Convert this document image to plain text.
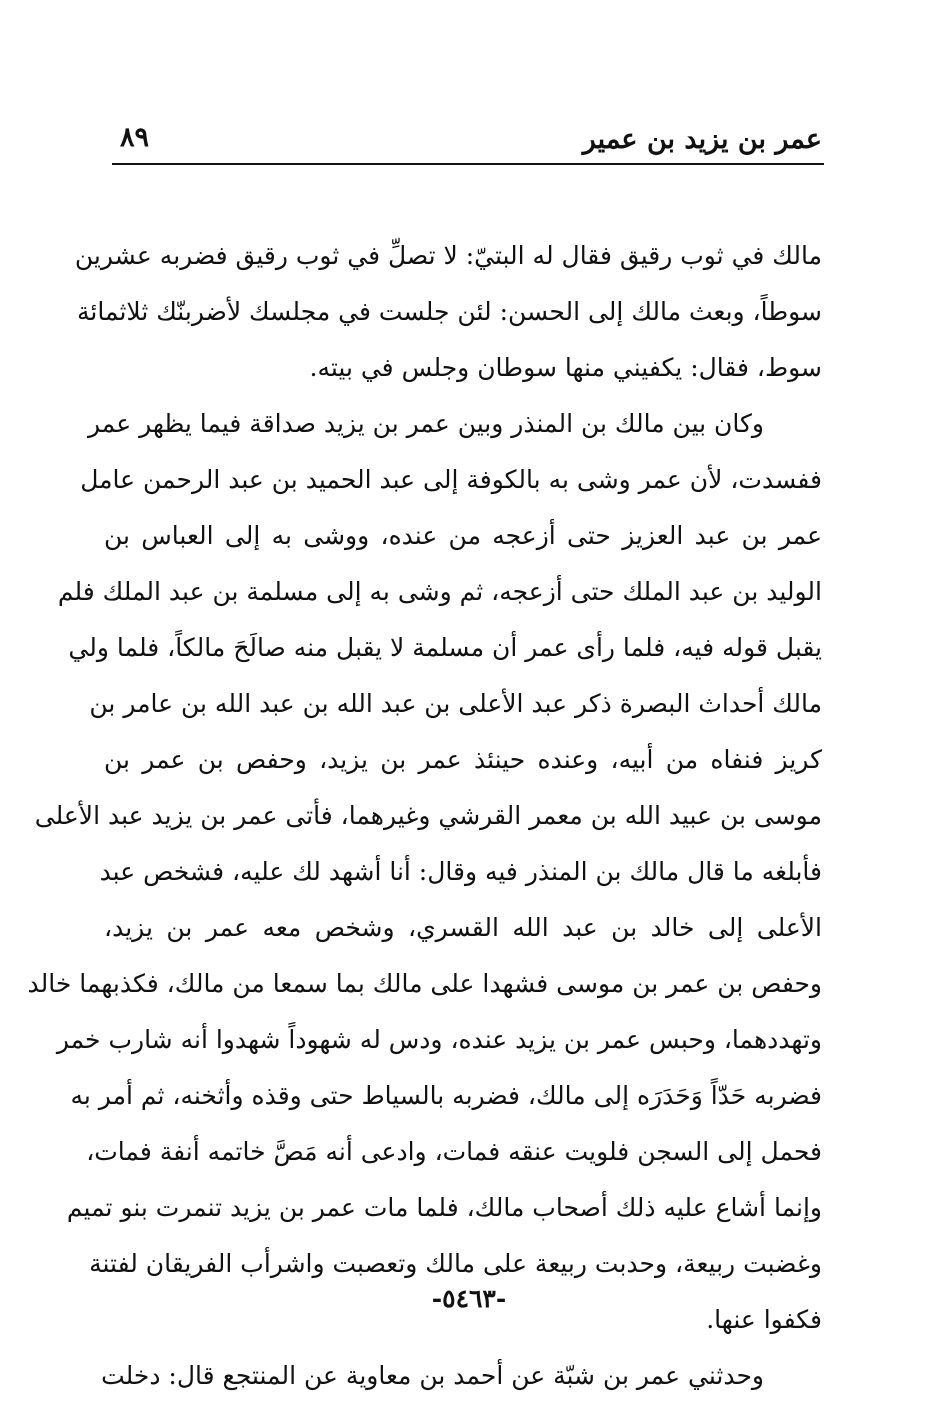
عمر بن يزيد بن عمير
٨٩
مالك في ثوب رقيق فقال له البتيّ: لا تصلِّ في ثوب رقيق فضربه عشرين
سوطاً، وبعث مالك إلى الحسن: لئن جلست في مجلسك لأضربنّك ثلاثمائة
سوط، فقال: يكفيني منها سوطان وجلس في بيته.
وكان بين مالك بن المنذر وبين عمر بن يزيد صداقة فيما يظهر عمر
ففسدت، لأن عمر وشى به بالكوفة إلى عبد الحميد بن عبد الرحمن عامل
عمر بن عبد العزيز حتى أزعجه من عنده، ووشى به إلى العباس بن
الوليد بن عبد الملك حتى أزعجه، ثم وشى به إلى مسلمة بن عبد الملك فلم
يقبل قوله فيه، فلما رأى عمر أن مسلمة لا يقبل منه صالَحَ مالكاً، فلما ولي
مالك أحداث البصرة ذكر عبد الأعلى بن عبد الله بن عبد الله بن عامر بن
كريز فنفاه من أبيه، وعنده حينئذ عمر بن يزيد، وحفص بن عمر بن
موسى بن عبيد الله بن معمر القرشي وغيرهما، فأتى عمر بن يزيد عبد الأعلى
فأبلغه ما قال مالك بن المنذر فيه وقال: أنا أشهد لك عليه، فشخص عبد
الأعلى إلى خالد بن عبد الله القسري، وشخص معه عمر بن يزيد،
وحفص بن عمر بن موسى فشهدا على مالك بما سمعا من مالك، فكذبهما خالد
وتهددهما، وحبس عمر بن يزيد عنده، ودس له شهوداً شهدوا أنه شارب خمر
فضربه حَدّاً وَحَدَرَه إلى مالك، فضربه بالسياط حتى وقذه وأثخنه، ثم أمر به
فحمل إلى السجن فلويت عنقه فمات، وادعى أنه مَصَّ خاتمه أنفة فمات،
وإنما أشاع عليه ذلك أصحاب مالك، فلما مات عمر بن يزيد تنمرت بنو تميم
وغضبت ربيعة، وحدبت ربيعة على مالك وتعصبت واشرأب الفريقان لفتنة
فكفوا عنها.
وحدثني عمر بن شبّة عن أحمد بن معاوية عن المنتجع قال: دخلت
-٥٤٦٣-
